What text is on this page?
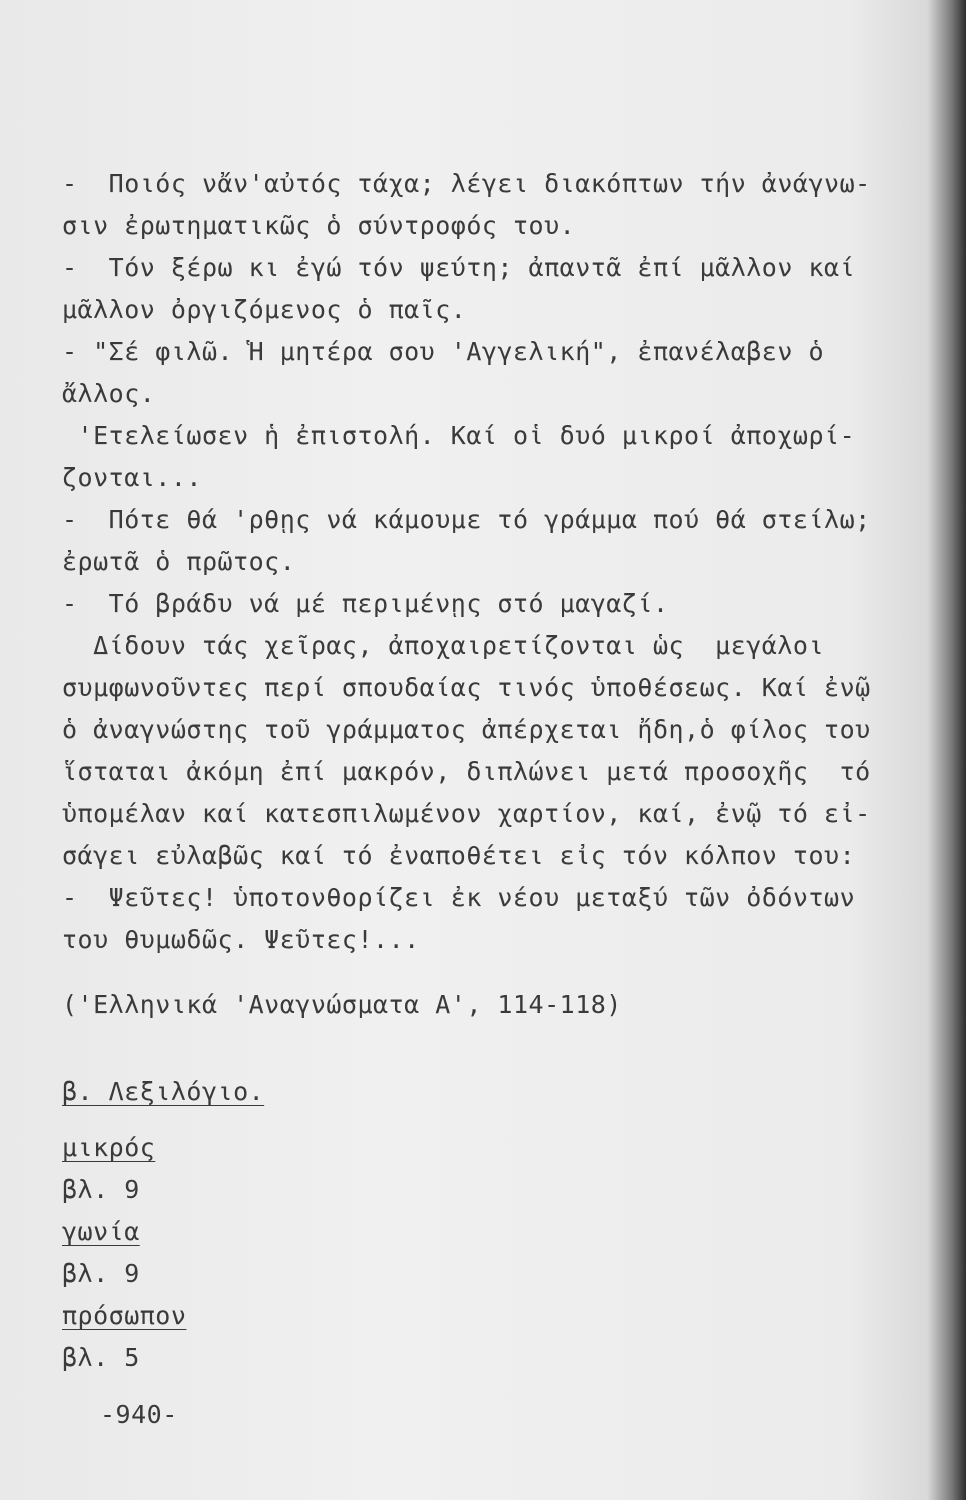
-  Ποιός νἄν'αὐτός τάχα; λέγει διακόπτων τήν ἀνάγνω-
σιν ἐρωτηματικῶς ὁ σύντροφός του.
-  Τόν ξέρω κι ἐγώ τόν ψεύτη; ἀπαντᾶ ἐπί μᾶλλον καί
μᾶλλον ὀργιζόμενος ὁ παῖς.
- "Σέ φιλῶ. Ἡ μητέρα σου 'Αγγελική", ἐπανέλαβεν ὁ
ἄλλος.
'Ετελείωσεν ἡ ἐπιστολή. Καί οἱ δυό μικροί ἀποχωρί-
ζονται...
-  Πότε θά 'ρθῃς νά κάμουμε τό γράμμα πού θά στείλω;
ἐρωτᾶ ὁ πρῶτος.
-  Τό βράδυ νά μέ περιμένῃς στό μαγαζί.
Δίδουν τάς χεῖρας, ἀποχαιρετίζονται ὡς  μεγάλοι
συμφωνοῦντες περί σπουδαίας τινός ὑποθέσεως. Καί ἐνῷ
ὁ ἀναγνώστης τοῦ γράμματος ἀπέρχεται ἤδη,ὁ φίλος του
ἵσταται ἀκόμη ἐπί μακρόν, διπλώνει μετά προσοχῆς  τό
ὑπομέλαν καί κατεσπιλωμένον χαρτίον, καί, ἐνῷ τό εἰ-
σάγει εὐλαβῶς καί τό ἐναποθέτει εἰς τόν κόλπον του:
-  Ψεῦτες! ὑποτονθορίζει ἐκ νέου μεταξύ τῶν ὀδόντων
του θυμωδῶς. Ψεῦτες!...
('Ελληνικά 'Αναγνώσματα Α', 114-118)
β. Λεξιλόγιο.
μικρός
βλ. 9
γωνία
βλ. 9
πρόσωπον
βλ. 5
-940-
